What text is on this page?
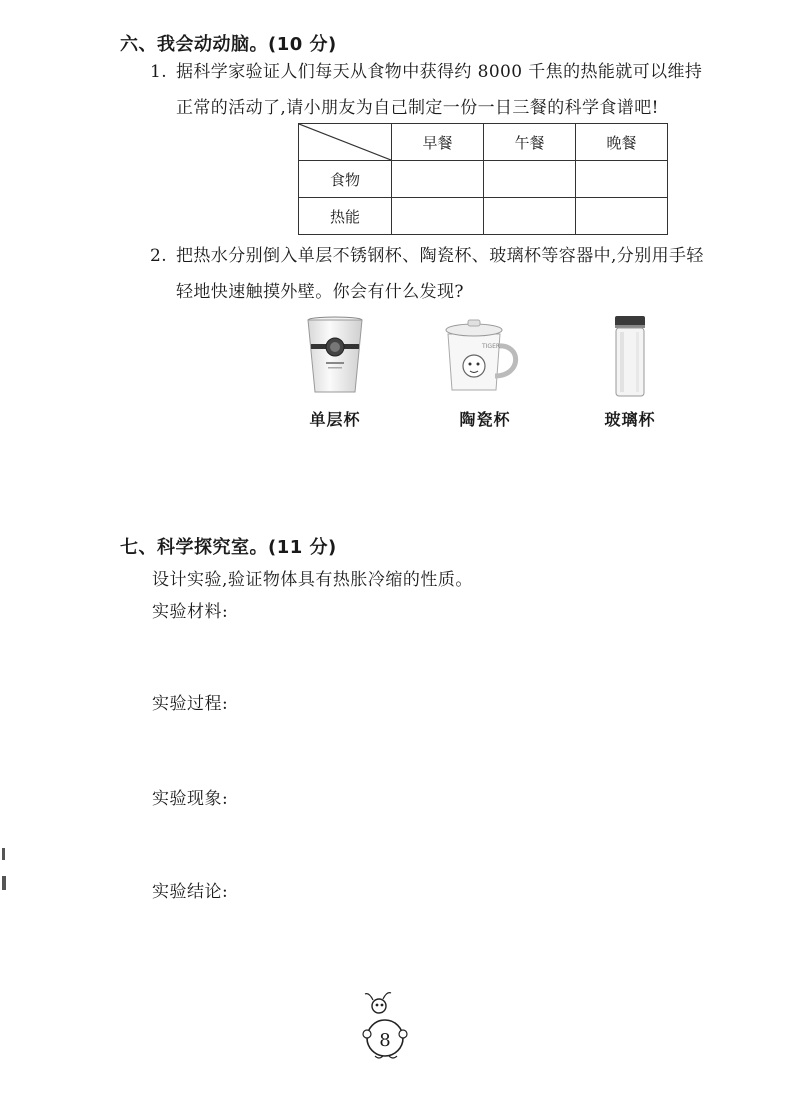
六、我会动动脑。(10 分)
1. 据科学家验证人们每天从食物中获得约 8000 千焦的热能就可以维持
正常的活动了,请小朋友为自己制定一份一日三餐的科学食谱吧!
	早餐	午餐	晚餐
食物			
热能			
2. 把热水分别倒入单层不锈钢杯、陶瓷杯、玻璃杯等容器中,分别用手轻
轻地快速触摸外壁。你会有什么发现?
TIGER
单层杯	陶瓷杯	玻璃杯
七、科学探究室。(11 分)
设计实验,验证物体具有热胀冷缩的性质。
实验材料:
实验过程:
实验现象:
实验结论:
8
